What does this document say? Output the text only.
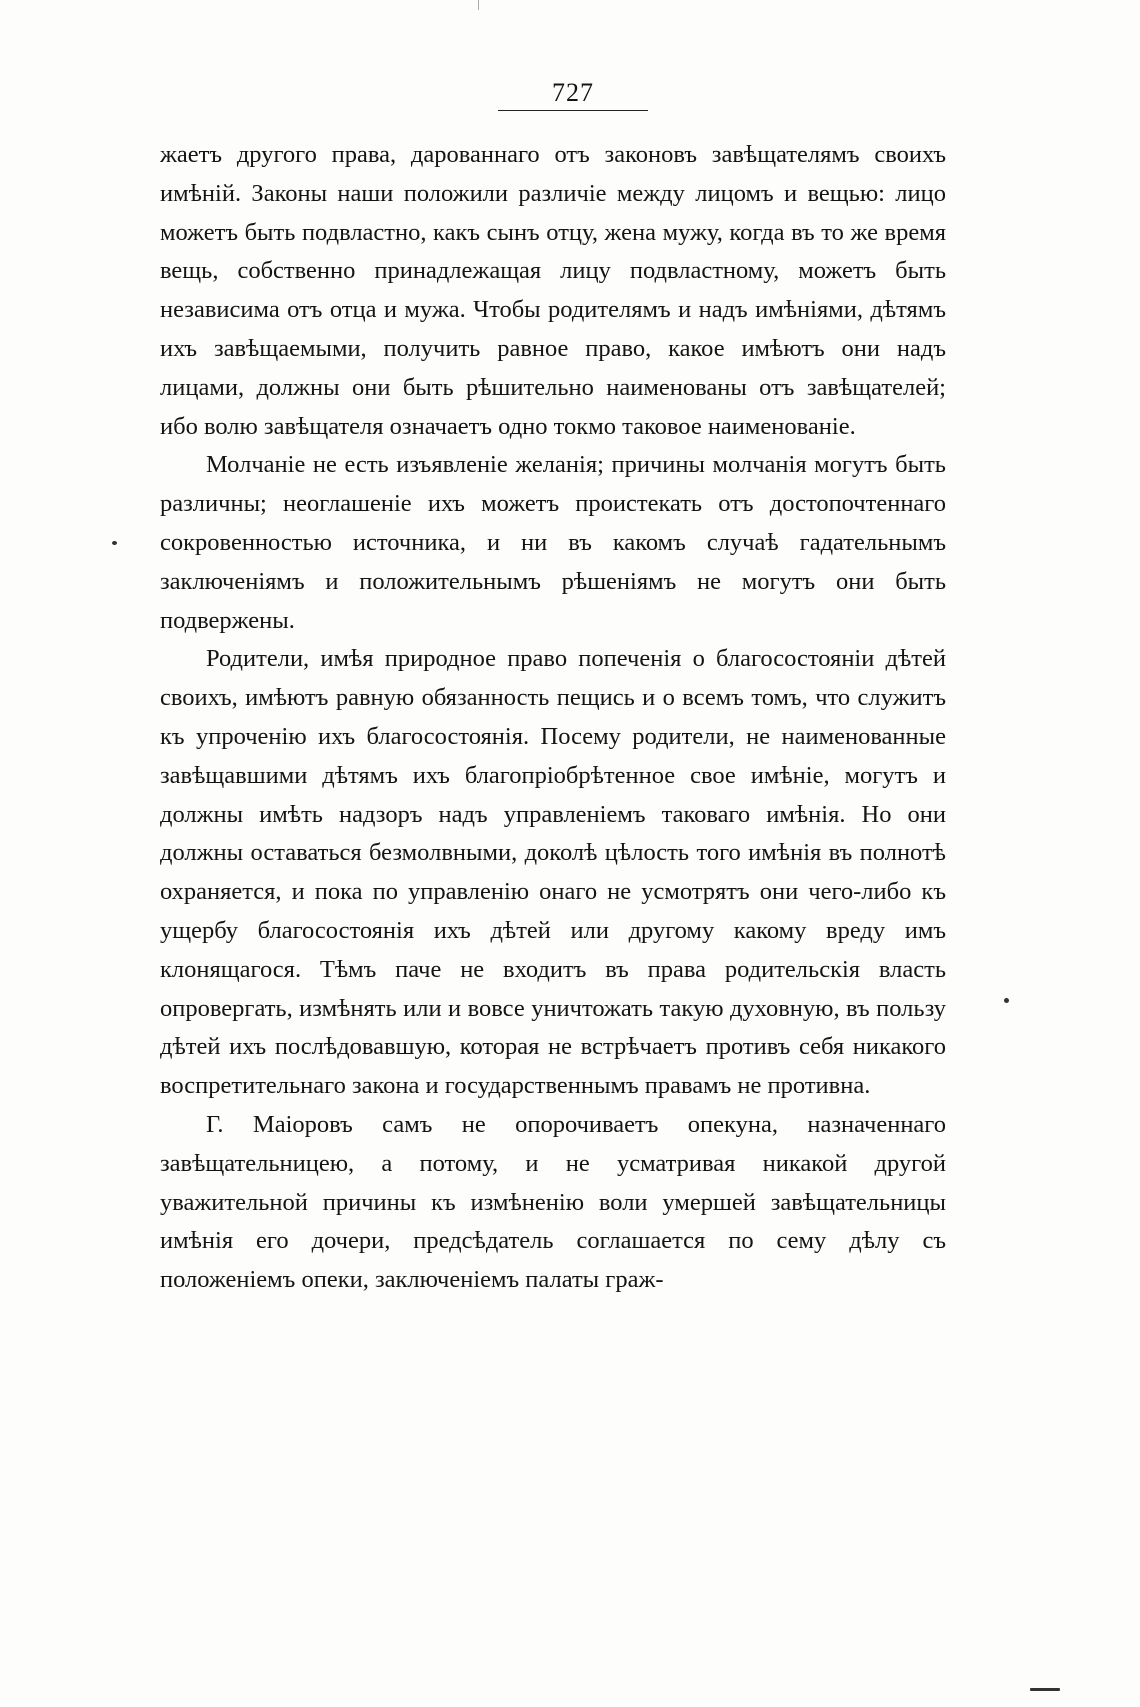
727

жаетъ другого права, дарованнаго отъ законовъ завѣщателямъ своихъ имѣній. Законы наши положили различіе между лицомъ и вещью: лицо можетъ быть подвластно, какъ сынъ отцу, жена мужу, когда въ то же время вещь, собственно принадлежащая лицу подвластному, можетъ быть независима отъ отца и мужа. Чтобы родителямъ и надъ имѣніями, дѣтямъ ихъ завѣщаемыми, получить равное право, какое имѣютъ они надъ лицами, должны они быть рѣшительно наименованы отъ завѣщателей; ибо волю завѣщателя означаетъ одно токмо таковое наименованіе.

Молчаніе не есть изъявленіе желанія; причины молчанія могутъ быть различны; неоглашеніе ихъ можетъ проистекать отъ достопочтеннаго сокровенностью источника, и ни въ какомъ случаѣ гадательнымъ заключеніямъ и положительнымъ рѣшеніямъ не могутъ они быть подвержены.

Родители, имѣя природное право попеченія о благосостояніи дѣтей своихъ, имѣютъ равную обязанность пещись и о всемъ томъ, что служитъ къ упроченію ихъ благосостоянія. Посему родители, не наименованные завѣщавшими дѣтямъ ихъ благопріобрѣтенное свое имѣніе, могутъ и должны имѣть надзоръ надъ управленіемъ таковаго имѣнія. Но они должны оставаться безмолвными, доколѣ цѣлость того имѣнія въ полнотѣ охраняется, и пока по управленію онаго не усмотрятъ они чего-либо къ ущербу благосостоянія ихъ дѣтей или другому какому вреду имъ клонящагося. Тѣмъ паче не входитъ въ права родительскія власть опровергать, измѣнять или и вовсе уничтожать такую духовную, въ пользу дѣтей ихъ послѣдовавшую, которая не встрѣчаетъ противъ себя никакого воспретительнаго закона и государственнымъ правамъ не противна.

Г. Маіоровъ самъ не опорочиваетъ опекуна, назначеннаго завѣщательницею, а потому, и не усматривая никакой другой уважительной причины къ измѣненію воли умершей завѣщательницы имѣнія его дочери, предсѣдатель соглашается по сему дѣлу съ положеніемъ опеки, заключеніемъ палаты граж-
